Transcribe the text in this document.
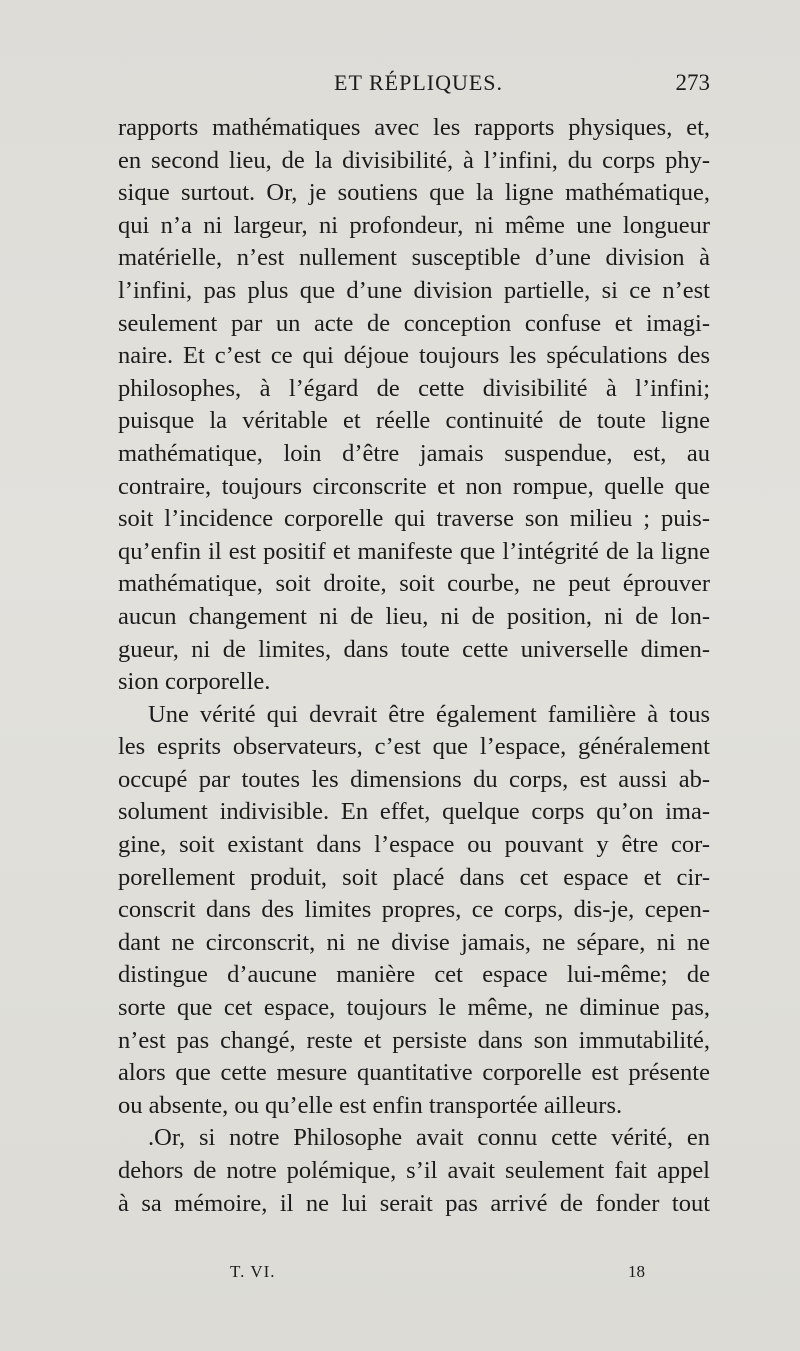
ET RÉPLIQUES.	273
rapports mathématiques avec les rapports physiques, et,
en second lieu, de la divisibilité, à l’infini, du corps phy-
sique surtout. Or, je soutiens que la ligne mathématique,
qui n’a ni largeur, ni profondeur, ni même une longueur
matérielle, n’est nullement susceptible d’une division à
l’infini, pas plus que d’une division partielle, si ce n’est
seulement par un acte de conception confuse et imagi-
naire. Et c’est ce qui déjoue toujours les spéculations des
philosophes, à l’égard de cette divisibilité à l’infini;
puisque la véritable et réelle continuité de toute ligne
mathématique, loin d’être jamais suspendue, est, au
contraire, toujours circonscrite et non rompue, quelle que
soit l’incidence corporelle qui traverse son milieu ; puis-
qu’enfin il est positif et manifeste que l’intégrité de la ligne
mathématique, soit droite, soit courbe, ne peut éprouver
aucun changement ni de lieu, ni de position, ni de lon-
gueur, ni de limites, dans toute cette universelle dimen-
sion corporelle.
Une vérité qui devrait être également familière à tous
les esprits observateurs, c’est que l’espace, généralement
occupé par toutes les dimensions du corps, est aussi ab-
solument indivisible. En effet, quelque corps qu’on ima-
gine, soit existant dans l’espace ou pouvant y être cor-
porellement produit, soit placé dans cet espace et cir-
conscrit dans des limites propres, ce corps, dis-je, cepen-
dant ne circonscrit, ni ne divise jamais, ne sépare, ni ne
distingue d’aucune manière cet espace lui-même; de
sorte que cet espace, toujours le même, ne diminue pas,
n’est pas changé, reste et persiste dans son immutabilité,
alors que cette mesure quantitative corporelle est présente
ou absente, ou qu’elle est enfin transportée ailleurs.
.Or, si notre Philosophe avait connu cette vérité, en
dehors de notre polémique, s’il avait seulement fait appel
à sa mémoire, il ne lui serait pas arrivé de fonder tout
T. VI.	18
